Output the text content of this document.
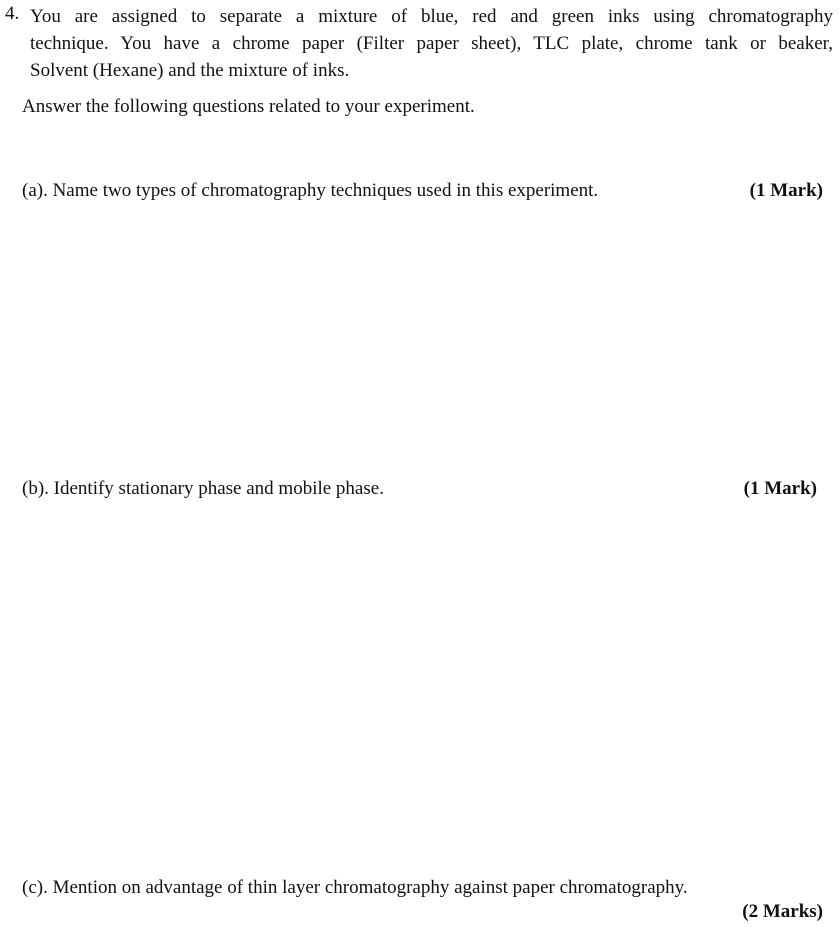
4. You are assigned to separate a mixture of blue, red and green inks using chromatography
technique. You have a chrome paper (Filter paper sheet), TLC plate, chrome tank or beaker,
Solvent (Hexane) and the mixture of inks.
Answer the following questions related to your experiment.
(a). Name two types of chromatography techniques used in this experiment.	(1 Mark)
(b). Identify stationary phase and mobile phase.	(1 Mark)
(c). Mention on advantage of thin layer chromatography against paper chromatography.
(2 Marks)
